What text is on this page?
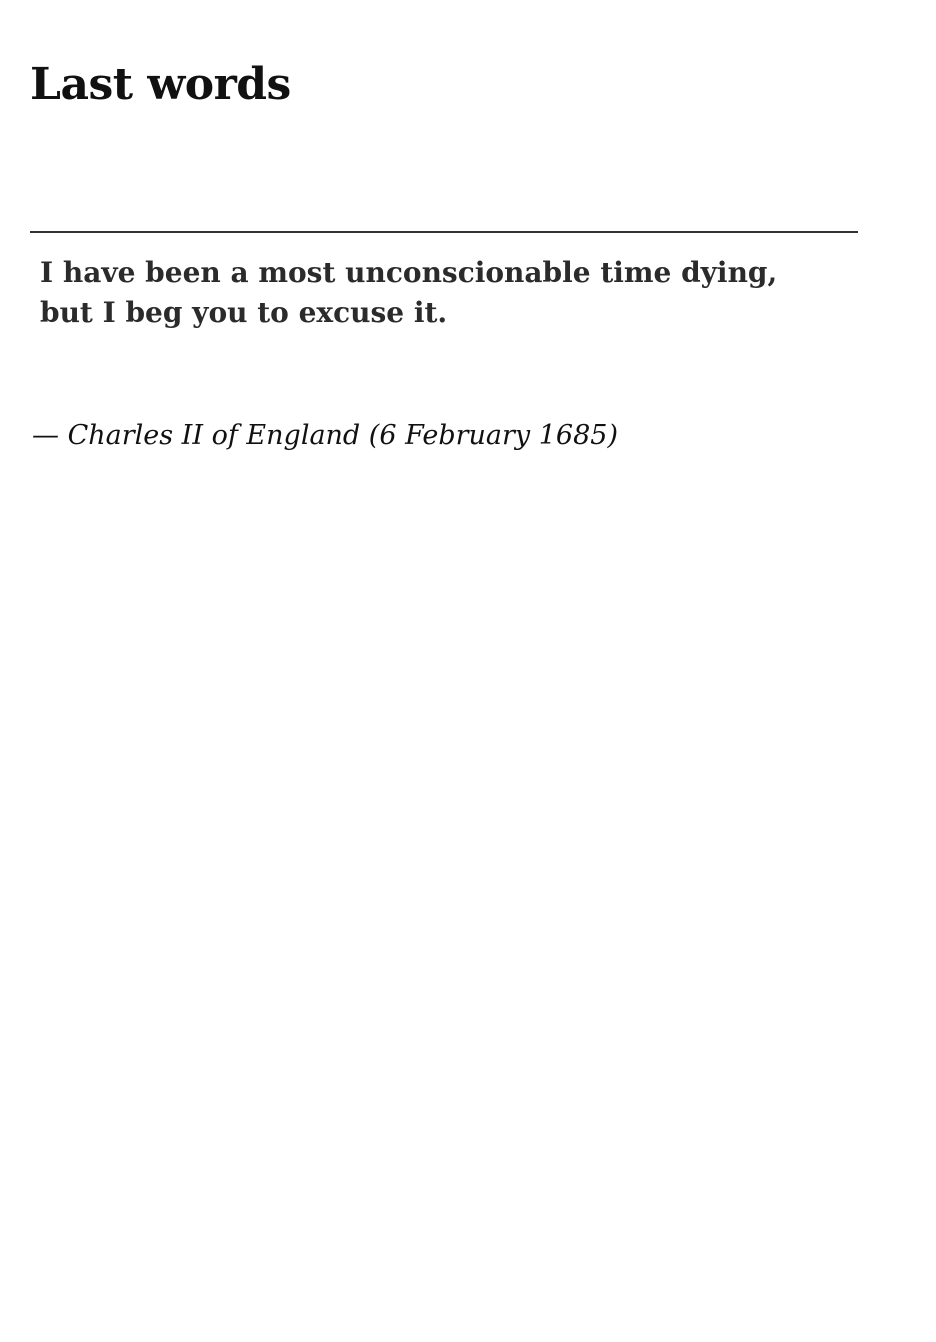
Last words
I have been a most unconscionable time dying,
but I beg you to excuse it.

— Charles II of England (6 February 1685)
